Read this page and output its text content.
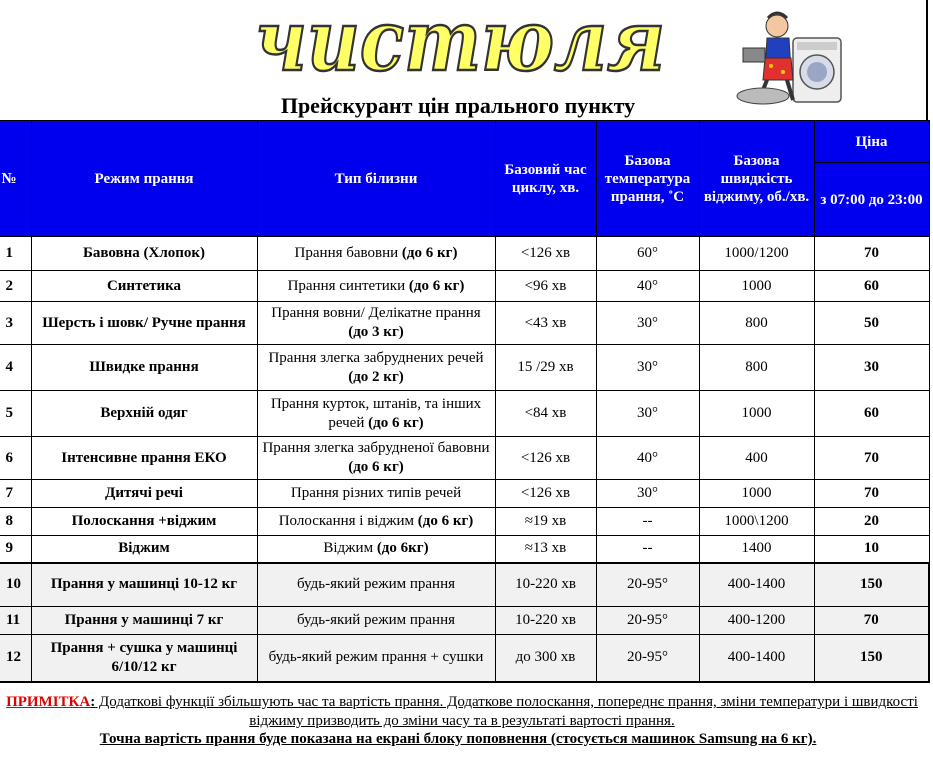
чистюля
Прейскурант цін прального пункту
№	Режим прання	Тип білизни	Базовий час циклу, хв.	Базова температура прання, ˚С	Базова швидкість віджиму, об./хв.	Ціна
						з 07:00 до 23:00
1	Бавовна (Хлопок)	Прання бавовни (до 6 кг)	<126 хв	60°	1000/1200	70
2	Синтетика	Прання синтетики (до 6 кг)	<96 хв	40°	1000	60
3	Шерсть і шовк/ Ручне прання	Прання вовни/ Делікатне прання (до 3 кг)	<43 хв	30°	800	50
4	Швидке прання	Прання злегка забруднених речей (до 2 кг)	15 /29 хв	30°	800	30
5	Верхній одяг	Прання курток, штанів, та інших речей (до 6 кг)	<84 хв	30°	1000	60
6	Інтенсивне прання ЕКО	Прання злегка забрудненої бавовни (до 6 кг)	<126 хв	40°	400	70
7	Дитячі речі	Прання різних типів речей	<126 хв	30°	1000	70
8	Полоскання +віджим	Полоскання і віджим (до 6 кг)	≈19 хв	--	1000\1200	20
9	Віджим	Віджим (до 6кг)	≈13 хв	--	1400	10
10	Прання у машинці 10-12 кг	будь-який режим прання	10-220 хв	20-95°	400-1400	150
11	Прання у машинці 7 кг	будь-який режим прання	10-220 хв	20-95°	400-1200	70
12	Прання + сушка у машинці 6/10/12 кг	будь-який режим прання + сушки	до 300 хв	20-95°	400-1400	150
ПРИМІТКА: Додаткові функції збільшують час та вартість прання. Додаткове полоскання, попереднє прання, зміни температури і швидкості віджиму призводить до зміни часу та в результаті вартості прання.
Точна вартість прання буде показана на екрані блоку поповнення (стосується машинок Samsung на 6 кг).
